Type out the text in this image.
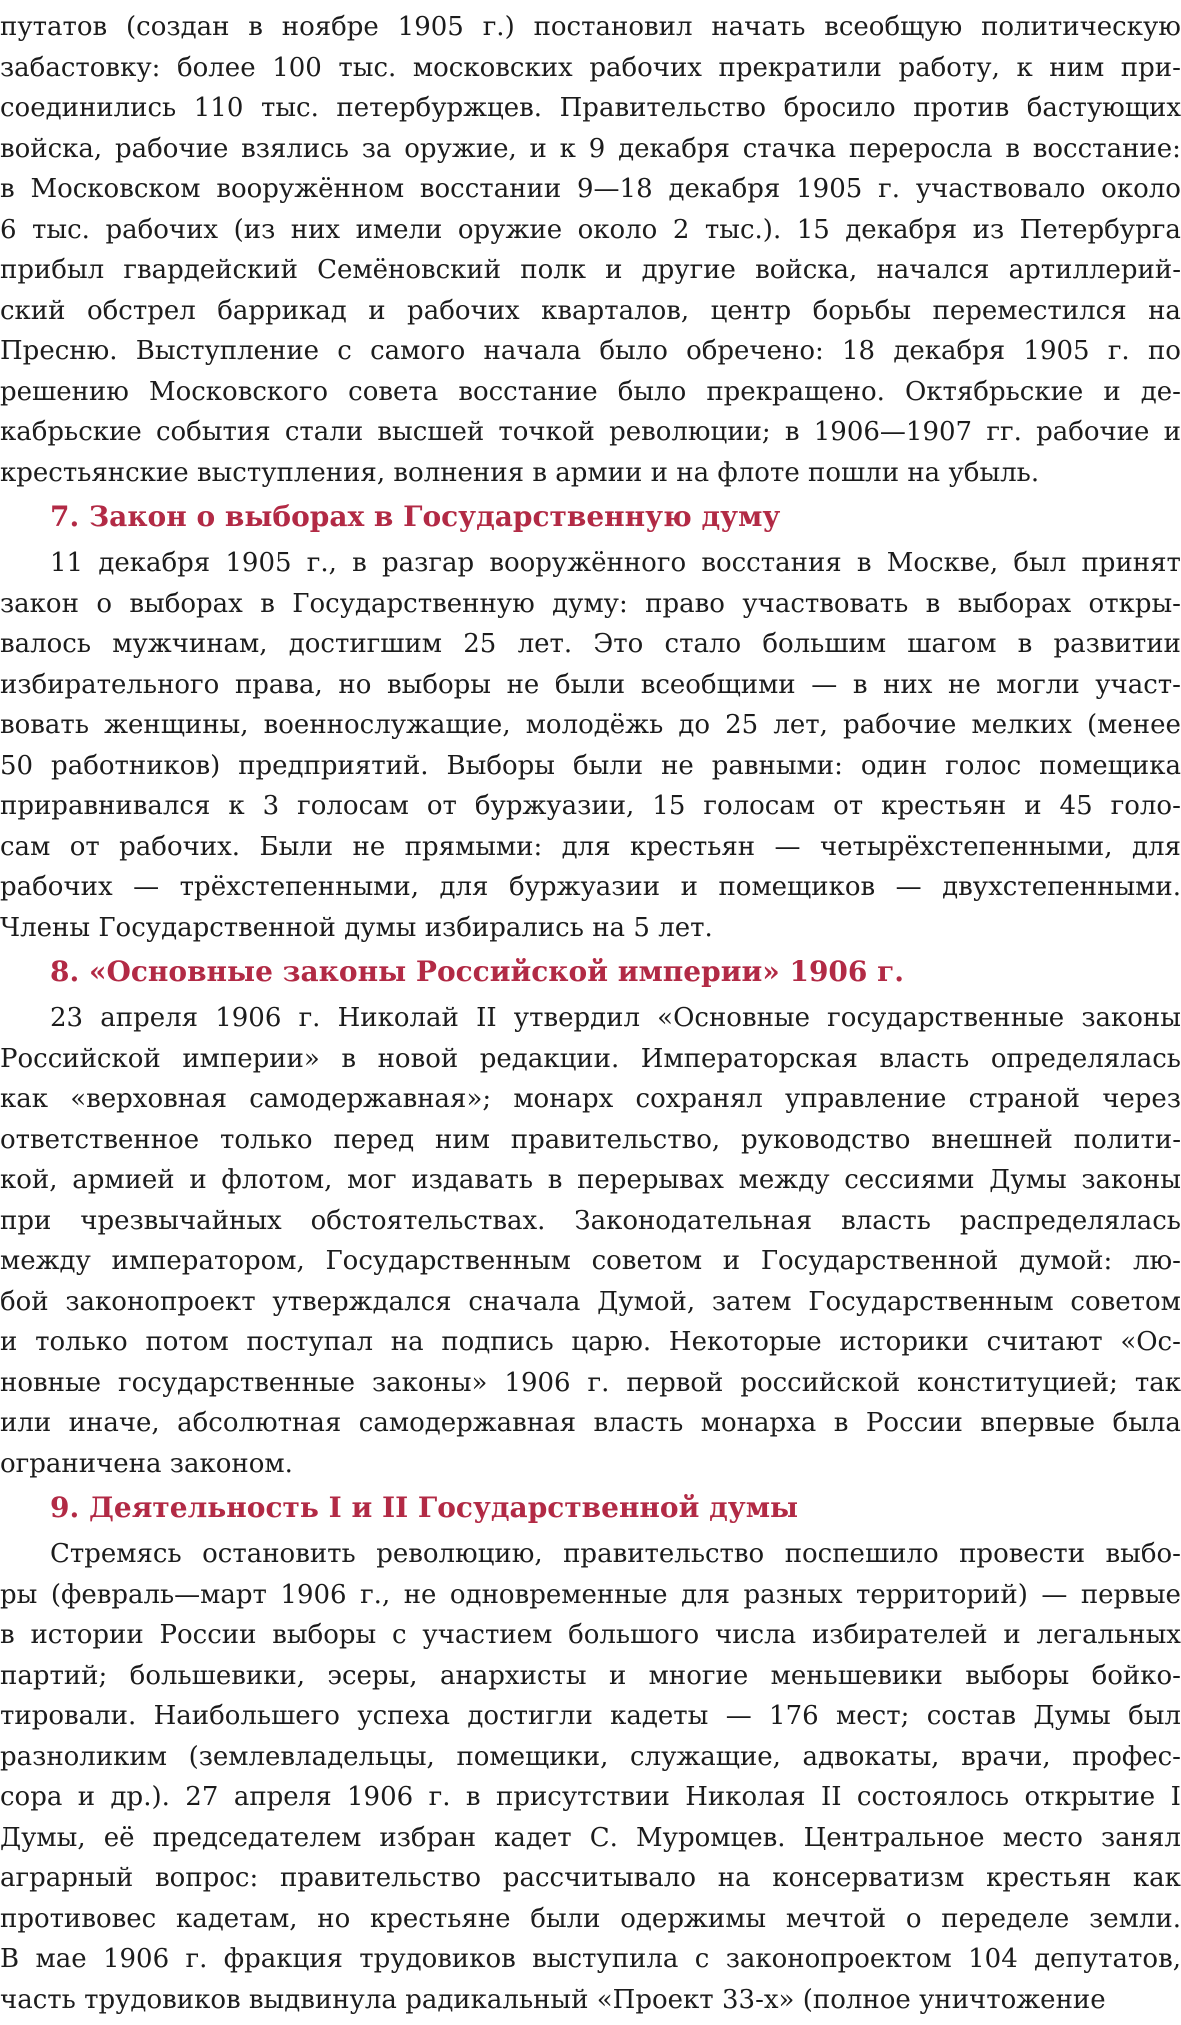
путатов (создан в ноябре 1905 г.) постановил начать всеобщую политическую
забастовку: более 100 тыс. московских рабочих прекратили работу, к ним при-
соединились 110 тыс. петербуржцев. Правительство бросило против бастующих
войска, рабочие взялись за оружие, и к 9 декабря стачка переросла в восстание:
в Московском вооружённом восстании 9—18 декабря 1905 г. участвовало около
6 тыс. рабочих (из них имели оружие около 2 тыс.). 15 декабря из Петербурга
прибыл гвардейский Семёновский полк и другие войска, начался артиллерий-
ский обстрел баррикад и рабочих кварталов, центр борьбы переместился на
Пресню. Выступление с самого начала было обречено: 18 декабря 1905 г. по
решению Московского совета восстание было прекращено. Октябрьские и де-
кабрьские события стали высшей точкой революции; в 1906—1907 гг. рабочие и
крестьянские выступления, волнения в армии и на флоте пошли на убыль.
7. Закон о выборах в Государственную думу
11 декабря 1905 г., в разгар вооружённого восстания в Москве, был принят
закон о выборах в Государственную думу: право участвовать в выборах откры-
валось мужчинам, достигшим 25 лет. Это стало большим шагом в развитии
избирательного права, но выборы не были всеобщими — в них не могли участ-
вовать женщины, военнослужащие, молодёжь до 25 лет, рабочие мелких (менее
50 работников) предприятий. Выборы были не равными: один голос помещика
приравнивался к 3 голосам от буржуазии, 15 голосам от крестьян и 45 голо-
сам от рабочих. Были не прямыми: для крестьян — четырёхстепенными, для
рабочих — трёхстепенными, для буржуазии и помещиков — двухстепенными.
Члены Государственной думы избирались на 5 лет.
8. «Основные законы Российской империи» 1906 г.
23 апреля 1906 г. Николай II утвердил «Основные государственные законы
Российской империи» в новой редакции. Императорская власть определялась
как «верховная самодержавная»; монарх сохранял управление страной через
ответственное только перед ним правительство, руководство внешней полити-
кой, армией и флотом, мог издавать в перерывах между сессиями Думы законы
при чрезвычайных обстоятельствах. Законодательная власть распределялась
между императором, Государственным советом и Государственной думой: лю-
бой законопроект утверждался сначала Думой, затем Государственным советом
и только потом поступал на подпись царю. Некоторые историки считают «Ос-
новные государственные законы» 1906 г. первой российской конституцией; так
или иначе, абсолютная самодержавная власть монарха в России впервые была
ограничена законом.
9. Деятельность I и II Государственной думы
Стремясь остановить революцию, правительство поспешило провести выбо-
ры (февраль—март 1906 г., не одновременные для разных территорий) — первые
в истории России выборы с участием большого числа избирателей и легальных
партий; большевики, эсеры, анархисты и многие меньшевики выборы бойко-
тировали. Наибольшего успеха достигли кадеты — 176 мест; состав Думы был
разноликим (землевладельцы, помещики, служащие, адвокаты, врачи, профес-
сора и др.). 27 апреля 1906 г. в присутствии Николая II состоялось открытие I
Думы, её председателем избран кадет С. Муромцев. Центральное место занял
аграрный вопрос: правительство рассчитывало на консерватизм крестьян как
противовес кадетам, но крестьяне были одержимы мечтой о переделе земли.
В мае 1906 г. фракция трудовиков выступила с законопроектом 104 депутатов,
часть трудовиков выдвинула радикальный «Проект 33-х» (полное уничтожение
